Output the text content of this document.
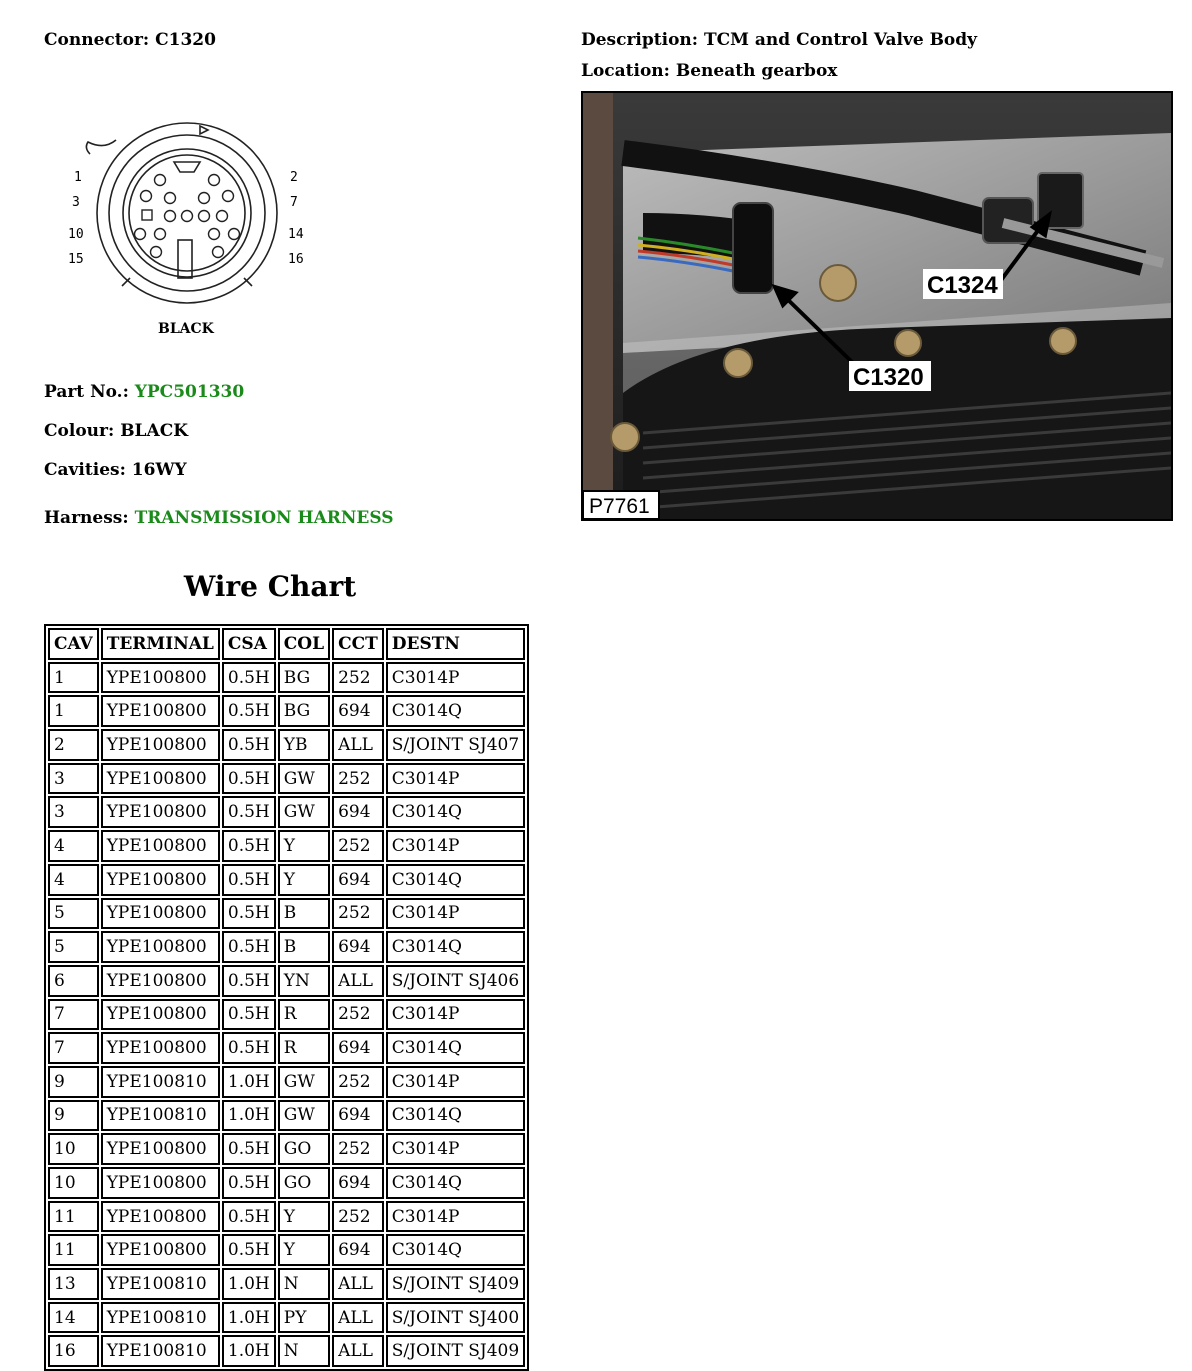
Connector: C1320	Description: TCM and Control Valve Body
Location: Beneath gearbox
1	2
3	7
10	14
15	16
BLACK
Part No.: YPC501330
Colour: BLACK
Cavities: 16WY
Harness: TRANSMISSION HARNESS
C1324
C1320
P7761
Wire Chart
CAV	TERMINAL	CSA	COL	CCT	DESTN
1	YPE100800	0.5H	BG	252	C3014P
1	YPE100800	0.5H	BG	694	C3014Q
2	YPE100800	0.5H	YB	ALL	S/JOINT SJ407
3	YPE100800	0.5H	GW	252	C3014P
3	YPE100800	0.5H	GW	694	C3014Q
4	YPE100800	0.5H	Y	252	C3014P
4	YPE100800	0.5H	Y	694	C3014Q
5	YPE100800	0.5H	B	252	C3014P
5	YPE100800	0.5H	B	694	C3014Q
6	YPE100800	0.5H	YN	ALL	S/JOINT SJ406
7	YPE100800	0.5H	R	252	C3014P
7	YPE100800	0.5H	R	694	C3014Q
9	YPE100810	1.0H	GW	252	C3014P
9	YPE100810	1.0H	GW	694	C3014Q
10	YPE100800	0.5H	GO	252	C3014P
10	YPE100800	0.5H	GO	694	C3014Q
11	YPE100800	0.5H	Y	252	C3014P
11	YPE100800	0.5H	Y	694	C3014Q
13	YPE100810	1.0H	N	ALL	S/JOINT SJ409
14	YPE100810	1.0H	PY	ALL	S/JOINT SJ400
16	YPE100810	1.0H	N	ALL	S/JOINT SJ409
